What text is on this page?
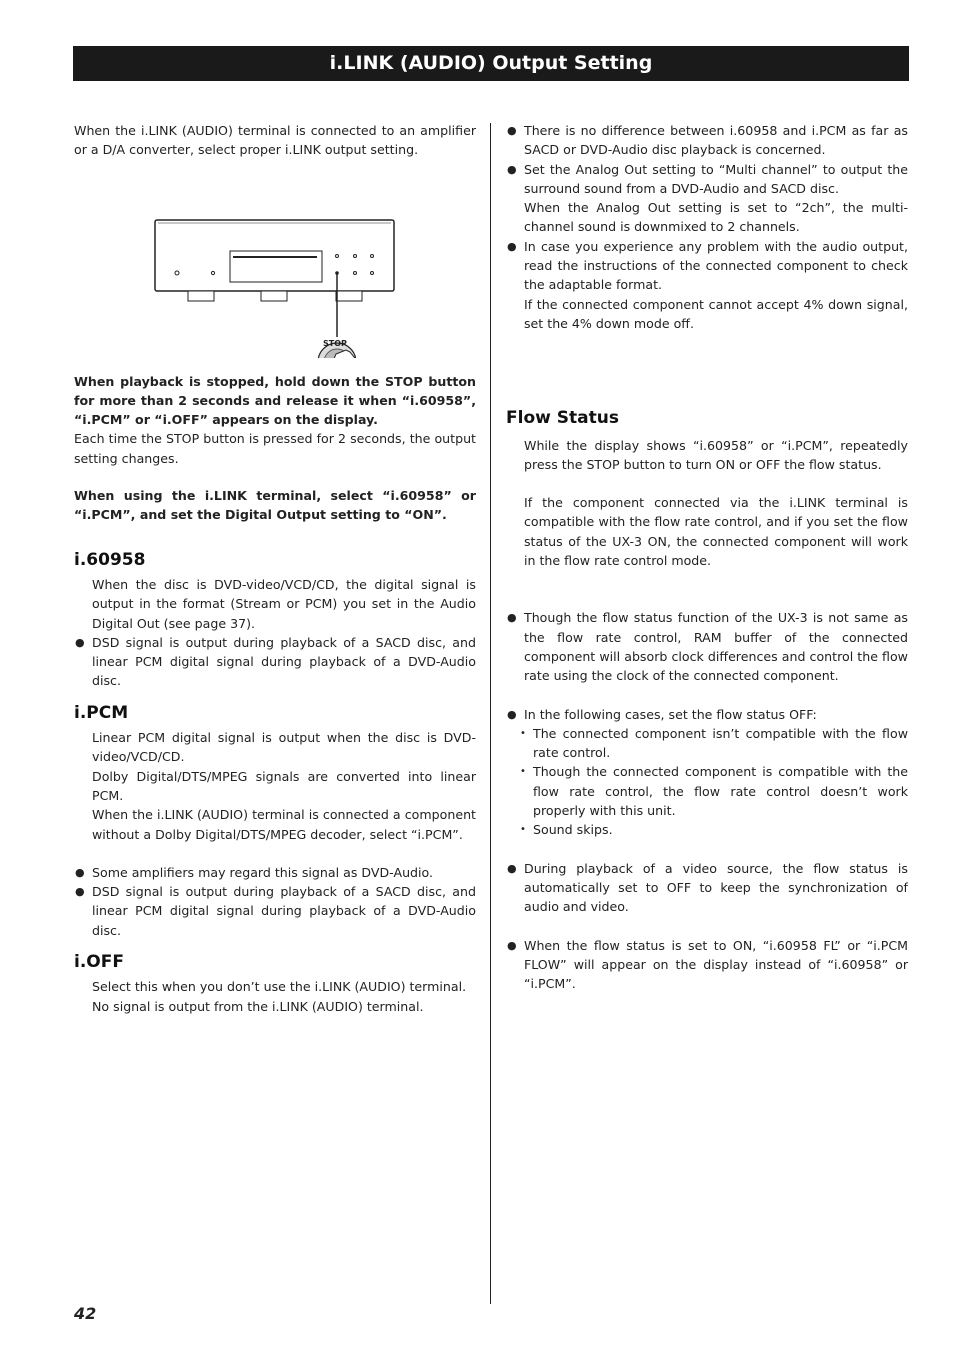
i.LINK (AUDIO) Output Setting

When the i.LINK (AUDIO) terminal is connected to an amplifier or a D/A converter, select proper i.LINK output setting.

STOP

When playback is stopped, hold down the STOP button for more than 2 seconds and release it when “i.60958”, “i.PCM” or “i.OFF” appears on the display.

Each time the STOP button is pressed for 2 seconds, the output setting changes.

When using the i.LINK terminal, select “i.60958” or “i.PCM”, and set the Digital Output setting to “ON”.

i.60958

When the disc is DVD-video/VCD/CD, the digital signal is output in the format (Stream or PCM) you set in the Audio Digital Out (see page 37).

● DSD signal is output during playback of a SACD disc, and linear PCM digital signal during playback of a DVD-Audio disc.
i.PCM

Linear PCM digital signal is output when the disc is DVD-video/VCD/CD.

Dolby Digital/DTS/MPEG signals are converted into linear PCM.

When the i.LINK (AUDIO) terminal is connected a component without a Dolby Digital/DTS/MPEG decoder, select “i.PCM”.

● Some amplifiers may regard this signal as DVD-Audio.
● DSD signal is output during playback of a SACD disc, and linear PCM digital signal during playback of a DVD-Audio disc.
i.OFF

Select this when you don’t use the i.LINK (AUDIO) terminal.

No signal is output from the i.LINK (AUDIO) terminal.

● There is no difference between i.60958 and i.PCM as far as SACD or DVD-Audio disc playback is concerned.
● Set the Analog Out setting to “Multi channel” to output the surround sound from a DVD-Audio and SACD disc.

When the Analog Out setting is set to “2ch”, the multi-channel sound is downmixed to 2 channels.

● In case you experience any problem with the audio output, read the instructions of the connected component to check the adaptable format.

If the connected component cannot accept 4% down signal, set the 4% down mode off.

Flow Status

While the display shows “i.60958” or “i.PCM”, repeatedly press the STOP button to turn ON or OFF the flow status.

If the component connected via the i.LINK terminal is compatible with the flow rate control, and if you set the flow status of the UX-3 ON, the connected component will work in the flow rate control mode.

● Though the flow status function of the UX-3 is not same as the flow rate control, RAM buffer of the connected component will absorb clock differences and control the flow rate using the clock of the connected component.
● In the following cases, set the flow status OFF:
• The connected component isn’t compatible with the flow rate control.
• Though the connected component is compatible with the flow rate control, the flow rate control doesn’t work properly with this unit.
• Sound skips.
● During playback of a video source, the flow status is automatically set to OFF to keep the synchronization of audio and video.
● When the flow status is set to ON, “i.60958 FL” or “i.PCM FLOW” will appear on the display instead of “i.60958” or “i.PCM”.
42
